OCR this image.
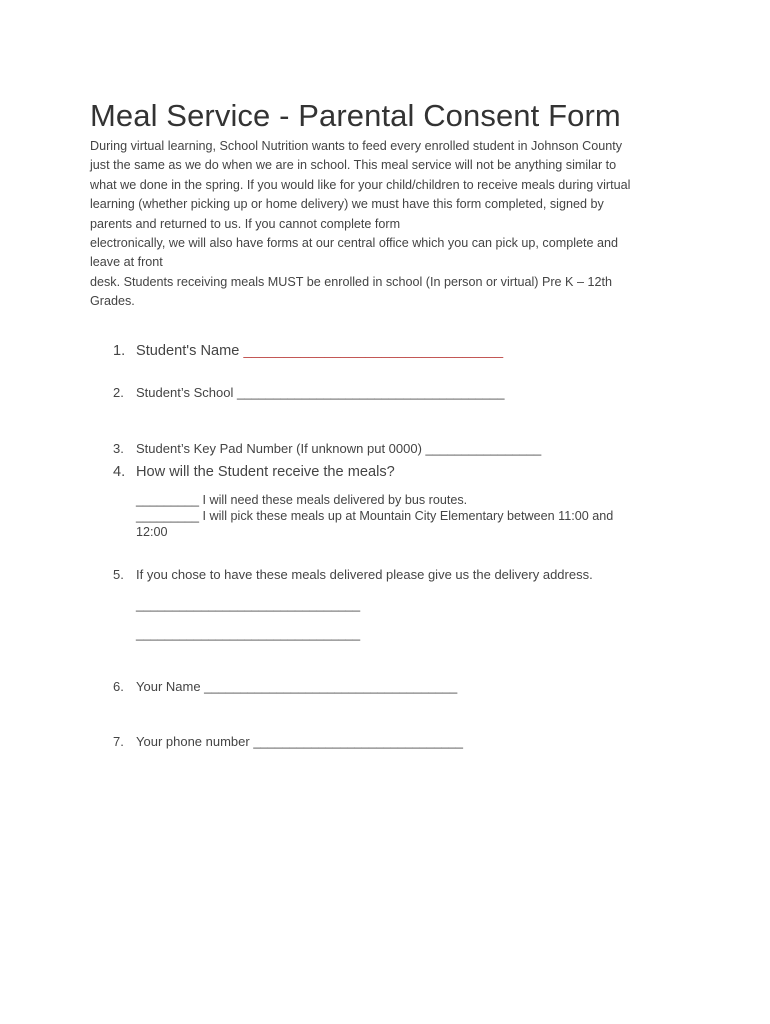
Meal Service - Parental Consent Form
During virtual learning, School Nutrition wants to feed every enrolled student in Johnson County
just the same as we do when we are in school. This meal service will not be anything similar to
what we done in the spring. If you would like for your child/children to receive meals during virtual
learning (whether picking up or home delivery) we must have this form completed, signed by
parents and returned to us. If you cannot complete form
electronically, we will also have forms at our central office which you can pick up, complete and
leave at front
desk. Students receiving meals MUST be enrolled in school (In person or virtual) Pre K – 12th
Grades.
1. Student's Name ________________________________
2. Student’s School _____________________________________
3. Student’s Key Pad Number (If unknown put 0000) ________________
4. How will the Student receive the meals?
_________ I will need these meals delivered by bus routes.
_________ I will pick these meals up at Mountain City Elementary between 11:00 and
12:00
5. If you chose to have these meals delivered please give us the delivery address.
_______________________________
_______________________________
6. Your Name ___________________________________
7. Your phone number _____________________________
